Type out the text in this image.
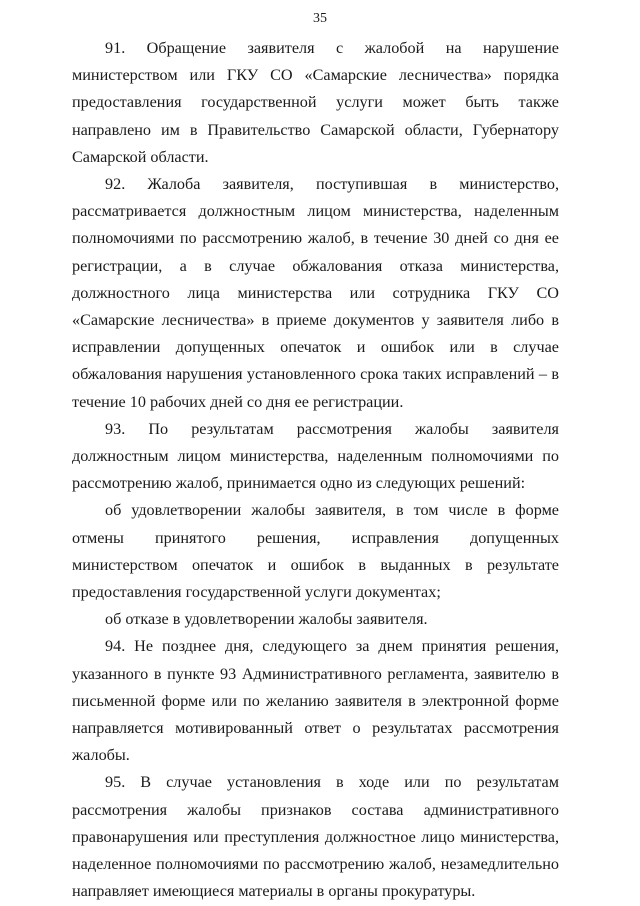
35

91. Обращение заявителя с жалобой на нарушение министерством или ГКУ СО «Самарские лесничества» порядка предоставления государственной услуги может быть также направлено им в Правительство Самарской области, Губернатору Самарской области.

92. Жалоба заявителя, поступившая в министерство, рассматривается должностным лицом министерства, наделенным полномочиями по рассмотрению жалоб, в течение 30 дней со дня ее регистрации, а в случае обжалования отказа министерства, должностного лица министерства или сотрудника ГКУ СО «Самарские лесничества» в приеме документов у заявителя либо в исправлении допущенных опечаток и ошибок или в случае обжалования нарушения установленного срока таких исправлений – в течение 10 рабочих дней со дня ее регистрации.

93. По результатам рассмотрения жалобы заявителя должностным лицом министерства, наделенным полномочиями по рассмотрению жалоб, принимается одно из следующих решений:

об удовлетворении жалобы заявителя, в том числе в форме отмены принятого решения, исправления допущенных министерством опечаток и ошибок в выданных в результате предоставления государственной услуги документах;

об отказе в удовлетворении жалобы заявителя.

94. Не позднее дня, следующего за днем принятия решения, указанного в пункте 93 Административного регламента, заявителю в письменной форме или по желанию заявителя в электронной форме направляется мотивированный ответ о результатах рассмотрения жалобы.

95. В случае установления в ходе или по результатам рассмотрения жалобы признаков состава административного правонарушения или преступления должностное лицо министерства, наделенное полномочиями по рассмотрению жалоб, незамедлительно направляет имеющиеся материалы в органы прокуратуры.
